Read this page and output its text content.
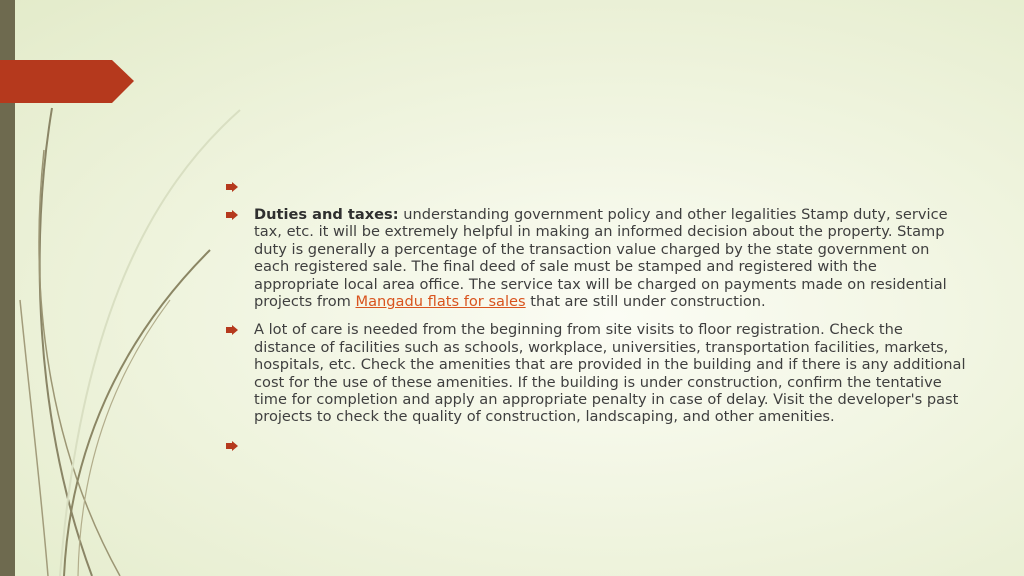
Duties and taxes: understanding government policy and other legalities Stamp duty, service tax, etc. it will be extremely helpful in making an informed decision about the property. Stamp duty is generally a percentage of the transaction value charged by the state government on each registered sale. The final deed of sale must be stamped and registered with the appropriate local area office. The service tax will be charged on payments made on residential projects from Mangadu flats for sales that are still under construction.
A lot of care is needed from the beginning from site visits to floor registration. Check the distance of facilities such as schools, workplace, universities, transportation facilities, markets, hospitals, etc. Check the amenities that are provided in the building and if there is any additional cost for the use of these amenities. If the building is under construction, confirm the tentative time for completion and apply an appropriate penalty in case of delay. Visit the developer's past projects to check the quality of construction, landscaping, and other amenities.
